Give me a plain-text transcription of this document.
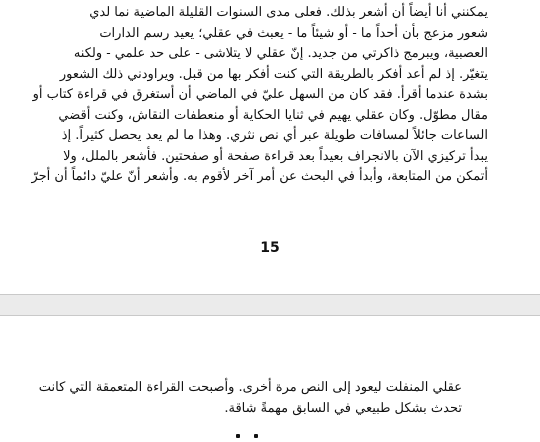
يمكنني أنا أيضاً أن أشعر بذلك. فعلى مدى السنوات القليلة الماضية نما لدي
شعور مزعج بأن أحداً ما - أو شيئاً ما - يعبث في عقلي؛ يعيد رسم الدارات
العصبية، ويبرمج ذاكرتي من جديد. إنّ عقلي لا يتلاشى - على حد علمي - ولكنه
يتغيّر. إذ لم أعد أفكر بالطريقة التي كنت أفكر بها من قبل. ويراودني ذلك الشعور
بشدة عندما أقرأ. فقد كان من السهل عليّ في الماضي أن أستغرق في قراءة كتاب أو
مقال مطوّل. وكان عقلي يهيم في ثنايا الحكاية أو منعطفات النقاش، وكنت أقضي
الساعات جائلاً لمسافات طويلة عبر أي نص نثري. وهذا ما لم يعد يحصل كثيراً. إذ
يبدأ تركيزي الآن بالانجراف بعيداً بعد قراءة صفحة أو صفحتين. فأشعر بالملل، ولا
أتمكن من المتابعة، وأبدأ في البحث عن أمر آخر لأقوم به. وأشعر أنّ عليّ دائماً أن أجرّ
15
عقلي المنفلت ليعود إلى النص مرة أخرى. وأصبحت القراءة المتعمقة التي كانت
تحدث بشكل طبيعي في السابق مهمةً شاقة.
